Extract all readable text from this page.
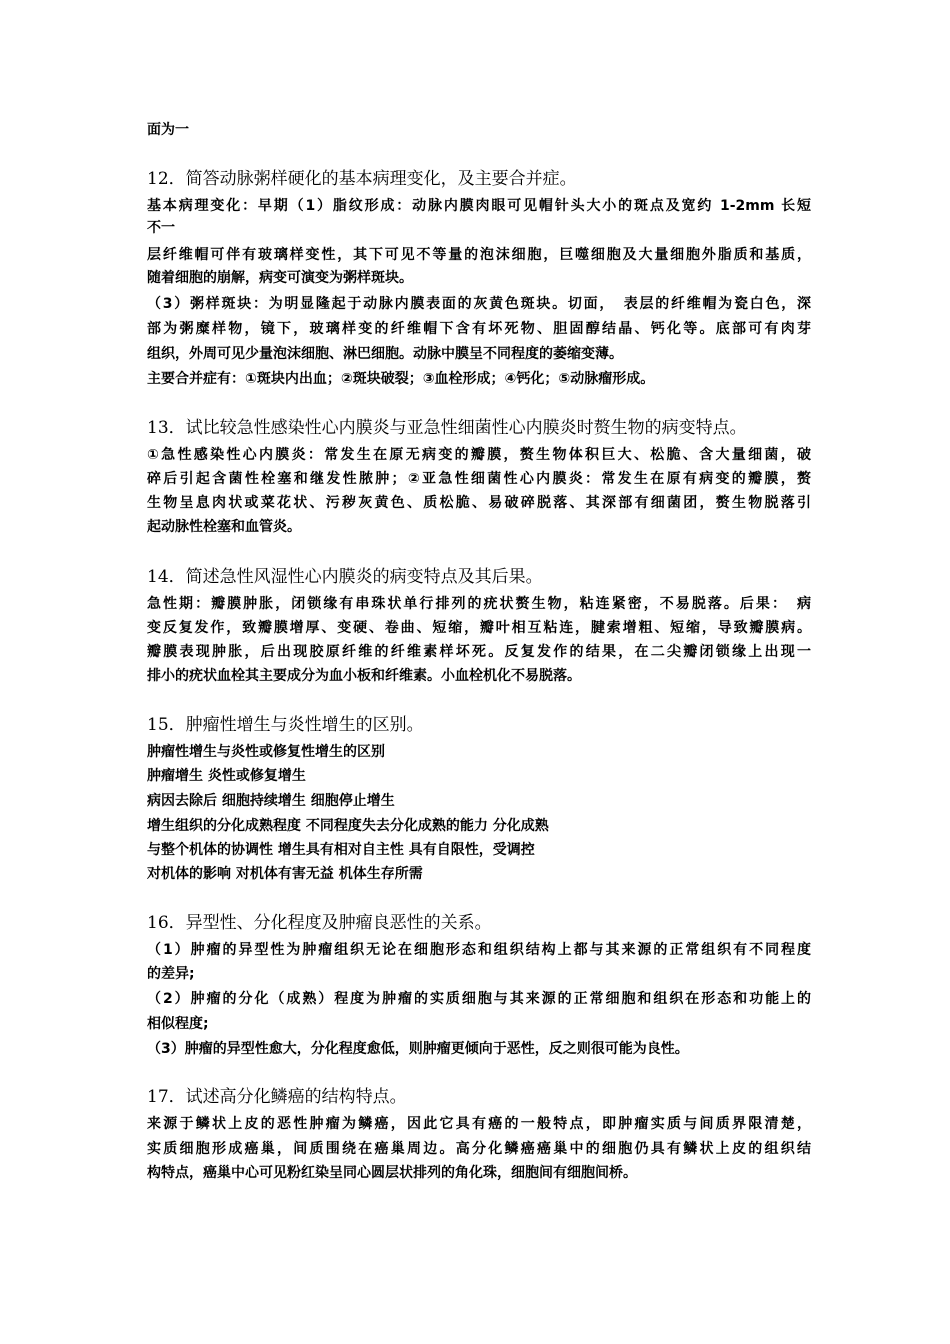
面为一
12．简答动脉粥样硬化的基本病理变化，及主要合并症。
基本病理变化：早期（1）脂纹形成：动脉内膜肉眼可见帽针头大小的斑点及宽约 1-2mm 长短
不一
层纤维帽可伴有玻璃样变性，其下可见不等量的泡沫细胞，巨噬细胞及大量细胞外脂质和基质，
随着细胞的崩解，病变可演变为粥样斑块。
（3）粥样斑块：为明显隆起于动脉内膜表面的灰黄色斑块。切面，　表层的纤维帽为瓷白色，深
部为粥糜样物，镜下，玻璃样变的纤维帽下含有坏死物、胆固醇结晶、钙化等。底部可有肉芽
组织，外周可见少量泡沫细胞、淋巴细胞。动脉中膜呈不同程度的萎缩变薄。
主要合并症有：①斑块内出血；②斑块破裂；③血栓形成；④钙化；⑤动脉瘤形成。
13．试比较急性感染性心内膜炎与亚急性细菌性心内膜炎时赘生物的病变特点。
①急性感染性心内膜炎：常发生在原无病变的瓣膜，赘生物体积巨大、松脆、含大量细菌，破
碎后引起含菌性栓塞和继发性脓肿；②亚急性细菌性心内膜炎：常发生在原有病变的瓣膜，赘
生物呈息肉状或菜花状、污秽灰黄色、质松脆、易破碎脱落、其深部有细菌团，赘生物脱落引
起动脉性栓塞和血管炎。
14．简述急性风湿性心内膜炎的病变特点及其后果。
急性期：瓣膜肿胀，闭锁缘有串珠状单行排列的疣状赘生物，粘连紧密，不易脱落。后果：　病
变反复发作，致瓣膜增厚、变硬、卷曲、短缩，瓣叶相互粘连，腱索增粗、短缩，导致瓣膜病。
瓣膜表现肿胀，后出现胶原纤维的纤维素样坏死。反复发作的结果，在二尖瓣闭锁缘上出现一
排小的疣状血栓其主要成分为血小板和纤维素。小血栓机化不易脱落。
15．肿瘤性增生与炎性增生的区别。
肿瘤性增生与炎性或修复性增生的区别
肿瘤增生 炎性或修复增生
病因去除后 细胞持续增生 细胞停止增生
增生组织的分化成熟程度 不同程度失去分化成熟的能力 分化成熟
与整个机体的协调性 增生具有相对自主性 具有自限性，受调控
对机体的影响 对机体有害无益 机体生存所需
16．异型性、分化程度及肿瘤良恶性的关系。
（1）肿瘤的异型性为肿瘤组织无论在细胞形态和组织结构上都与其来源的正常组织有不同程度
的差异;
（2）肿瘤的分化（成熟）程度为肿瘤的实质细胞与其来源的正常细胞和组织在形态和功能上的
相似程度;
（3）肿瘤的异型性愈大，分化程度愈低，则肿瘤更倾向于恶性，反之则很可能为良性。
17．试述高分化鳞癌的结构特点。
来源于鳞状上皮的恶性肿瘤为鳞癌，因此它具有癌的一般特点，即肿瘤实质与间质界限清楚，
实质细胞形成癌巢，间质围绕在癌巢周边。高分化鳞癌癌巢中的细胞仍具有鳞状上皮的组织结
构特点，癌巢中心可见粉红染呈同心圆层状排列的角化珠，细胞间有细胞间桥。
